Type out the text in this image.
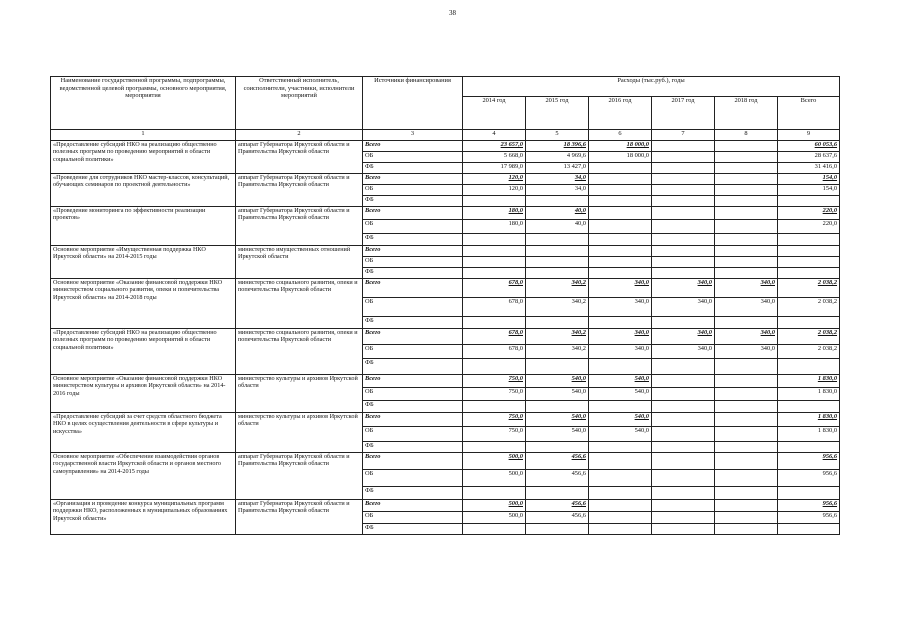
38
Наименование государственной программы, подпрограммы, ведомственной целевой программы, основного мероприятия, мероприятия	Ответственный исполнитель, соисполнители, участники, исполнители мероприятий	Источники финансирования	Расходы (тыс.руб.), годы					
			2014 год	2015 год	2016 год	2017 год	2018 год	Всего
1	2	3	4	5	6	7	8	9
«Предоставление субсидий НКО на реализацию общественно полезных программ по проведению мероприятий в области социальной политики»	аппарат Губернатора Иркутской области и Правительства Иркутской области	Всего	23 657,0	18 396,6	18 000,0			60 053,6
		ОБ	5 668,0	4 969,6	18 000,0			28 637,6
		ФБ	17 989,0	13 427,0				31 416,0
«Проведение для сотрудников НКО мастер-классов, консультаций, обучающих семинаров по проектной деятельности»	аппарат Губернатора Иркутской области и Правительства Иркутской области	Всего	120,0	34,0				154,0
		ОБ	120,0	34,0				154,0
		ФБ						
«Проведение мониторинга по эффективности реализации проектов»	аппарат Губернатора Иркутской области и Правительства Иркутской области	Всего	180,0	40,0				220,0
		ОБ	180,0	40,0				220,0
		ФБ						
Основное мероприятие «Имущественная поддержка НКО Иркутской области» на 2014-2015 годы	министерство имущественных отношений Иркутской области	Всего						
		ОБ						
		ФБ						
Основное мероприятие «Оказание финансовой поддержки НКО министерством социального развития, опеки и попечительства Иркутской области» на 2014-2018 годы	министерство социального развития, опеки и попечительства Иркутской области	Всего	678,0	340,2	340,0	340,0	340,0	2 038,2
		ОБ	678,0	340,2	340,0	340,0	340,0	2 038,2
		ФБ						
«Предоставление субсидий НКО на реализацию общественно полезных программ по проведению мероприятий в области социальной политики»	министерство социального развития, опеки и попечительства Иркутской области	Всего	678,0	340,2	340,0	340,0	340,0	2 038,2
		ОБ	678,0	340,2	340,0	340,0	340,0	2 038,2
		ФБ						
Основное мероприятие «Оказание финансовой поддержки НКО министерством культуры и архивов Иркутской области» на 2014-2016 годы	министерство культуры и архивов Иркутской области	Всего	750,0	540,0	540,0			1 830,0
		ОБ	750,0	540,0	540,0			1 830,0
		ФБ						
«Предоставление субсидий за счет средств областного бюджета НКО в целях осуществления деятельности в сфере культуры и искусства»	министерство культуры и архивов Иркутской области	Всего	750,0	540,0	540,0			1 830,0
		ОБ	750,0	540,0	540,0			1 830,0
		ФБ						
Основное мероприятие «Обеспечение взаимодействия органов государственной власти Иркутской области и органов местного самоуправления» на 2014-2015 годы	аппарат Губернатора Иркутской области и Правительства Иркутской области	Всего	500,0	456,6				956,6
		ОБ	500,0	456,6				956,6
		ФБ						
«Организация и проведение конкурса муниципальных программ поддержки НКО, расположенных в муниципальных образованиях Иркутской области»	аппарат Губернатора Иркутской области и Правительства Иркутской области	Всего	500,0	456,6				956,6
		ОБ	500,0	456,6				956,6
		ФБ						
